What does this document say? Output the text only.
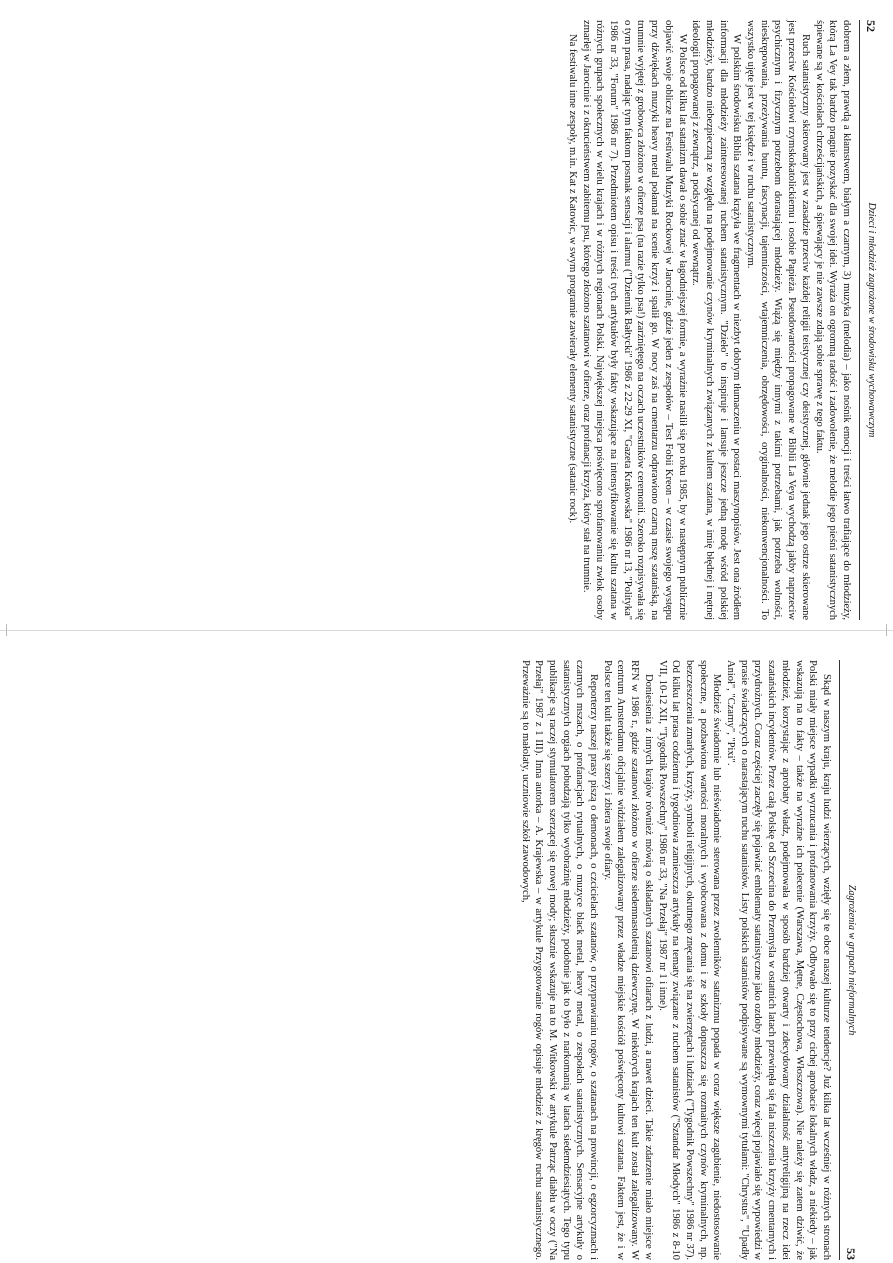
52
Dzieci i młodzież zagrożone w środowisku wychowawczym

dobrem a złem, prawdą a kłamstwem, białym a czarnym, 3) muzyka (melodia) – jako nośnik emocji i treści łatwo trafiające do młodzieży, którą La Vey tak bardzo pragnie pozyskać dla swojej idei. Wyraża on ogromną radość i zadowolenie, że melodie jego pieśni satanistycznych śpiewane są w kościołach chrześcijańskich, a śpiewający je nie zawsze zdają sobie sprawę z tego faktu.

Ruch satanistyczny skierowany jest w zasadzie przeciw każdej religii teistycznej czy deistycznej, głównie jednak jego ostrze skierowane jest przeciw Kościołowi rzymskokatolickiemu i osobie Papieża. Pseudowartości propagowane w Biblii La Veya wychodzą jakby naprzeciw psychicznym i fizycznym potrzebom dorastającej młodzieży. Wiążą się między innymi z takimi potrzebami, jak potrzeba wolności, nieskrępowania, przeżywania buntu, fascynacji, tajemniczości, wtajemniczenia, obrzędowości, oryginalności, niekonwencjonalności. To wszystko ujęte jest w tej księdze i w ruchu satanistycznym.

W polskim środowisku Biblia szatana krążyła we fragmentach w niezbyt dobrym tłumaczeniu w postaci maszynopisów. Jest ona źródłem informacji dla młodzieży zainteresowanej ruchem satanistycznym. "Dzieło" to inspiruje i lansuje jeszcze jedną modę wśród polskiej młodzieży, bardzo niebezpieczną ze względu na podejmowanie czynów kryminalnych związanych z kultem szatana, w imię błędnej i mętnej ideologii propagowanej z zewnątrz, a podsycanej od wewnątrz.

W Polsce od kilku lat satanizm dawał o sobie znać w łagodniejszej formie, a wyraźnie nasilił się po roku 1985, by w następnym publicznie objawić swoje oblicze na Festiwalu Muzyki Rockowej w Jarocinie, gdzie jeden z zespołów – Test Fobii Kreon – w czasie swojego występu przy dźwiękach muzyki heavy metal połamał na scenie krzyż i spalił go. W nocy zaś na cmentarzu odprawiono czarną mszę szatańską, na trumnie wyjętej z grobowca złożono w ofierze psa (na razie tylko psa!) zarżniętego na oczach uczestników ceremonii. Szeroko rozpisywała się o tym prasa, nadając tym faktom posmak sensacji i alarmu ("Dziennik Bałtycki" 1986 z 22-29 XI, "Gazeta Krakowska" 1986 nr 13, "Polityka" 1986 nr 33, "Forum" 1986 nr 7). Przedmiotem opisu i treści tych artykułów były fakty wskazujące na intensyfikowanie się kultu szatana w różnych grupach społecznych w wielu krajach i w różnych regionach Polski. Największej miejsca poświęcono sprofanowaniu zwłok osoby zmarłej w Jarocinie i z okrucieństwem zabitemu psu, którego złożono szatanowi w ofierze, oraz profanacji krzyża, który stał na trumnie.

Na festiwalu inne zespoły, m.in. Kat z Katowic, w swym programie zawierały elementy satanistyczne (satanic rock).

Zagrożenia w grupach nieformalnych
53

Skąd w naszym kraju, kraju ludzi wierzących, wzięły się te obce naszej kulturze tendencje? Już kilka lat wcześniej w różnych stronach Polski miały miejsce wypadki wyrzucania i profanowania krzyży. Odbywało się to przy cichej aprobacie lokalnych władz, a niekiedy – jak wskazują na to fakty – także na wyraźne ich polecenie (Warszawa, Mętne, Częstochowa, Włoszczowa). Nie należy się zatem dziwić, że młodzież, korzystając z aprobaty władz, podejmowała w sposób bardziej otwarty i zdecydowany działalność antyreligijną na rzecz idei szatańskich incydentów. Przez całą Polskę od Szczecina do Przemyśla w ostatnich latach przewinęła się fala niszczenia krzyży cmentarnych i przydrożnych. Coraz częściej zaczęły się pojawiać emblematy satanistyczne jako ozdoby młodzieży, coraz więcej pojawiało się wypowiedzi w prasie świadczących o narastającym ruchu satanistów. Listy polskich satanistów podpisywane są wymownymi tytułami: "Chrystus", "Upadły Anioł", "Czarny", "Pixi".

Młodzież świadomie lub nieświadomie sterowana przez zwolenników satanizmu popada w coraz większe zagubienie, niedostosowanie społeczne, a pozbawiona wartości moralnych i wyobcowana z domu i ze szkoły dopuszcza się rozmaitych czynów kryminalnych, np. bezczeszczenia zmarłych, krzyży, symboli religijnych, okrutnego znęcania się na zwierzętach i ludziach ("Tygodnik Powszechny" 1986 nr 37). Od kilku lat prasa codzienna i tygodniowa zamieszcza artykuły na tematy związane z ruchem satanistów ("Sztandar Młodych" 1986 z 8-10 VII, 10-12 XII, "Tygodnik Powszechny" 1986 nr 33, "Na Przełaj" 1987 nr 1 i inne).

Doniesienia z innych krajów również mówią o składanych szatanowi ofiarach z ludzi, a nawet dzieci. Takie zdarzenie miało miejsce w RFN w 1986 r., gdzie szatanowi złożono w ofierze siedemnastoletnią dziewczynę. W niektórych krajach ten kult został zalegalizowany. W centrum Amsterdamu oficjalnie widziałem zalegalizowany przez władze miejskie kościół poświęcony kultowi szatana. Faktem jest, że i w Polsce ten kult także się szerzy i zbiera swoje ofiary.

Reporterzy naszej prasy piszą o demonach, o czcicielach szatanów, o przyprawianiu rogów, o szatanach na prowincji, o egzorcyzmach i czarnych mszach, o profanacjach rytualnych, o muzyce black metal, heavy metal, o zespołach satanistycznych. Sensacyjne artykuły o satanistycznych orgiach pobudzają tylko wyobraźnię młodzieży, podobnie jak to było z narkomanią w latach siedemdziesiątych. Tego typu publikacje są raczej stymulatorem szerzącej się nowej mody; słusznie wskazuje na to M. Witkowski w artykule Patrząc diabłu w oczy ("Na Przełaj" 1987 z 1 III). Inna autorka – A. Krajewska – w artykule Przygotowanie rogów opisuje młodzież z kręgów ruchu satanistycznego. Przeważnie są to małolaty, uczniowie szkół zawodowych,
